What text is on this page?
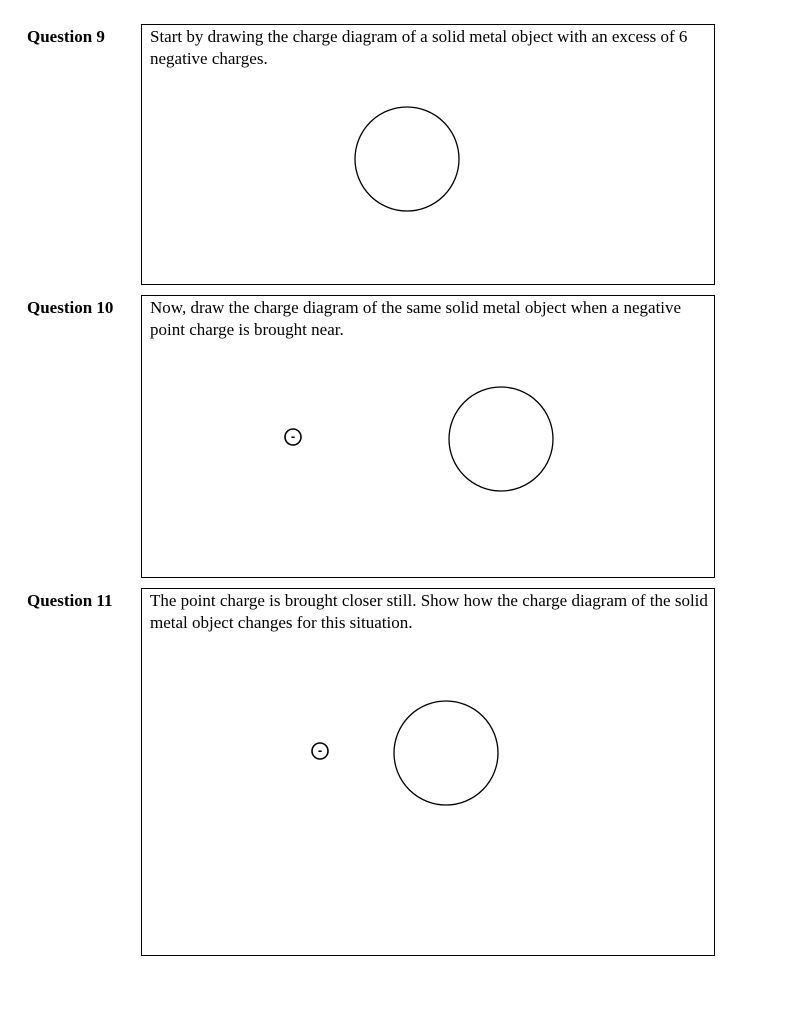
Question 9	Start by drawing the charge diagram of a solid metal object with an excess of 6 negative charges.
Question 10 Now, draw the charge diagram of the same solid metal object when a negative point charge is brought near.
-
Question 11 The point charge is brought closer still. Show how the charge diagram of the solid metal object changes for this situation.
-
